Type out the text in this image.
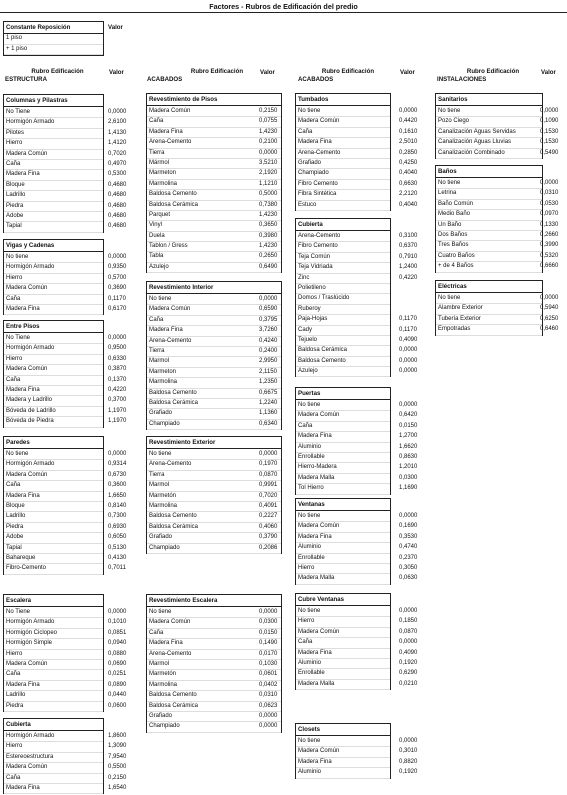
Factores - Rubros de Edificación del predio
Constante Reposición
1 piso
+ 1 piso
Valor
Rubro Edificación
ESTRUCTURA
Valor
Columnas y Pilastras
No Tiene	0,0000
Hormigón Armado	2,6100
Pilotes	1,4130
Hierro	1,4120
Madera Común	0,7020
Caña	0,4970
Madera Fina	0,5300
Bloque	0,4680
Ladrillo	0,4680
Piedra	0,4680
Adobe	0,4680
Tapial	0,4680
Vigas y Cadenas
No tiene	0,0000
Hormigón Armado	0,9350
Hierro	0,5700
Madera Común	0,3690
Caña	0,1170
Madera Fina	0,6170
Entre Pisos
No Tiene	0,0000
Hormigón Armado	0,9500
Hierro	0,6330
Madera Común	0,3870
Caña	0,1370
Madera Fina	0,4220
Madera y Ladrillo	0,3700
Bóveda de Ladrillo	1,1970
Bóveda de Piedra	1,1970
Paredes
No tiene	0,0000
Hormigón Armado	0,9314
Madera Común	0,6730
Caña	0,3600
Madera Fina	1,6650
Bloque	0,8140
Ladrillo	0,7300
Piedra	0,6930
Adobe	0,6050
Tapial	0,5130
Bahareque	0,4130
Fibro-Cemento	0,7011
Escalera
No Tiene	0,0000
Hormigón Armado	0,1010
Hormigón Ciclopeo	0,0851
Hormigón Simple	0,0940
Hierro	0,0880
Madera Común	0,0690
Caña	0,0251
Madera Fina	0,0890
Ladrillo	0,0440
Piedra	0,0600
Cubierta
Hormigón Armado	1,8600
Hierro	1,3090
Estereoestructura	7,9540
Madera Común	0,5500
Caña	0,2150
Madera Fina	1,6540
Rubro Edificación
ACABADOS
Valor
Revestimiento de Pisos
Madera Común	0,2150
Caña	0,0755
Madera Fina	1,4230
Arena-Cemento	0,2100
Tierra	0,0000
Mármol	3,5210
Marmeton	2,1920
Marmolina	1,1210
Baldosa Cemento	0,5000
Baldosa Cerámica	0,7380
Parquet	1,4230
Vinyl	0,3650
Duela	0,3980
Tablon / Gress	1,4230
Tabla	0,2650
Azulejo	0,6490
Revestimiento Interior
No tiene	0,0000
Madera Común	0,6590
Caña	0,3795
Madera Fina	3,7260
Arena-Cemento	0,4240
Tierra	0,2400
Marmol	2,9950
Marmeton	2,1150
Marmolina	1,2350
Baldosa Cemento	0,6675
Baldosa Cerámica	1,2240
Grafiado	1,1360
Champiado	0,6340
Revestimiento Exterior
No tiene	0,0000
Arena-Cemento	0,1970
Tierra	0,0870
Marmol	0,9991
Marmetón	0,7020
Marmolina	0,4091
Baldosa Cemento	0,2227
Baldosa Cerámica	0,4060
Grafiado	0,3790
Champiado	0,2086
Revestimiento Escalera
No tiene	0,0000
Madera Común	0,0300
Caña	0,0150
Madera Fina	0,1490
Arena-Cemento	0,0170
Marmol	0,1030
Marmetón	0,0601
Marmolina	0,0402
Baldosa Cemento	0,0310
Baldosa Cerámica	0,0623
Grafiado	0,0000
Champiado	0,0000
Rubro Edificación
ACABADOS
Valor
Tumbados
No tiene	0,0000
Madera Común	0,4420
Caña	0,1610
Madera Fina	2,5010
Arena-Cemento	0,2850
Grafiado	0,4250
Champiado	0,4040
Fibro Cemento	0,6630
Fibra Sintética	2,2120
Estuco	0,4040
Cubierta
Arena-Cemento	0,3100
Fibro Cemento	0,6370
Teja Común	0,7910
Teja Vidriada	1,2400
Zinc	0,4220
Polietileno
Domos / Traslúcido
Ruberoy
Paja-Hojas	0,1170
Cady	0,1170
Tejuelo	0,4090
Baldosa Cerámica	0,0000
Baldosa Cemento	0,0000
Azulejo	0,0000
Puertas
No tiene	0,0000
Madera Común	0,6420
Caña	0,0150
Madera Fina	1,2700
Aluminio	1,6620
Enrollable	0,8630
Hierro-Madera	1,2010
Madera Malla	0,0300
Tol Hierro	1,1690
Ventanas
No tiene	0,0000
Madera Común	0,1690
Madera Fina	0,3530
Aluminio	0,4740
Enrollable	0,2370
Hierro	0,3050
Madera Malla	0,0630
Cubre Ventanas
No tiene	0,0000
Hierro	0,1850
Madera Común	0,0870
Caña	0,0000
Madera Fina	0,4090
Aluminio	0,1920
Enrollable	0,6290
Madera Malla	0,0210
Closets
No tiene	0,0000
Madera Común	0,3010
Madera Fina	0,8820
Aluminio	0,1920
Rubro Edificación
INSTALACIONES
Valor
Sanitarios
No tiene	0,0000
Pozo Ciego	0,1090
Canalización Aguas Servidas	0,1530
Canalización Aguas Lluvias	0,1530
Canalización Combinado	0,5490
Baños
No tiene	0,0000
Letrina	0,0310
Baño Común	0,0530
Medio Baño	0,0970
Un Baño	0,1330
Dos Baños	0,2660
Tres Baños	0,3990
Cuatro Baños	0,5320
+ de 4 Baños	0,6660
Eléctricas
No tiene	0,0000
Alambre Exterior	0,5940
Tubería Exterior	0,6250
Empotradas	0,6460
